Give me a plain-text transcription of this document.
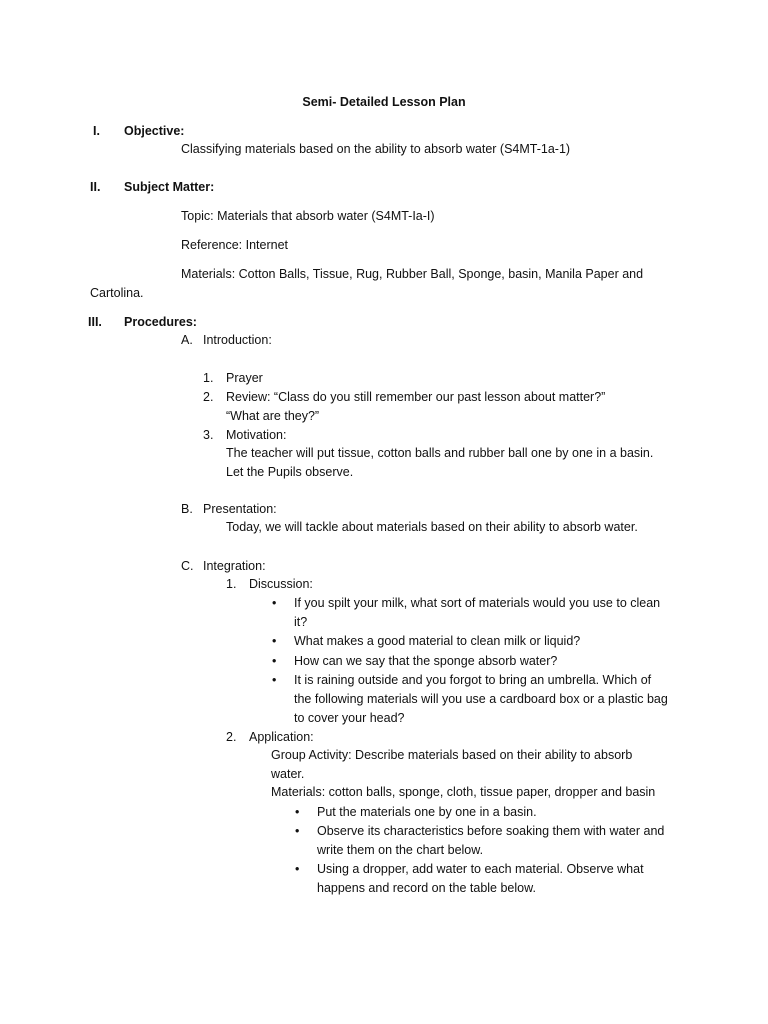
Semi- Detailed Lesson Plan
I. Objective:
Classifying materials based on the ability to absorb water (S4MT-1a-1)
II. Subject Matter:
Topic: Materials that absorb water (S4MT-Ia-I)
Reference: Internet
Materials: Cotton Balls, Tissue, Rug, Rubber Ball, Sponge, basin, Manila Paper and
Cartolina.
III. Procedures:
A. Introduction:
1. Prayer
2. Review: “Class do you still remember our past lesson about matter?”
“What are they?”
3. Motivation:
The teacher will put tissue, cotton balls and rubber ball one by one in a basin.
Let the Pupils observe.
B. Presentation:
Today, we will tackle about materials based on their ability to absorb water.
C. Integration:
1. Discussion:
• If you spilt your milk, what sort of materials would you use to clean
it?
• What makes a good material to clean milk or liquid?
• How can we say that the sponge absorb water?
• It is raining outside and you forgot to bring an umbrella. Which of
the following materials will you use a cardboard box or a plastic bag
to cover your head?
2. Application:
Group Activity: Describe materials based on their ability to absorb
water.
Materials: cotton balls, sponge, cloth, tissue paper, dropper and basin
• Put the materials one by one in a basin.
• Observe its characteristics before soaking them with water and
write them on the chart below.
• Using a dropper, add water to each material. Observe what
happens and record on the table below.
